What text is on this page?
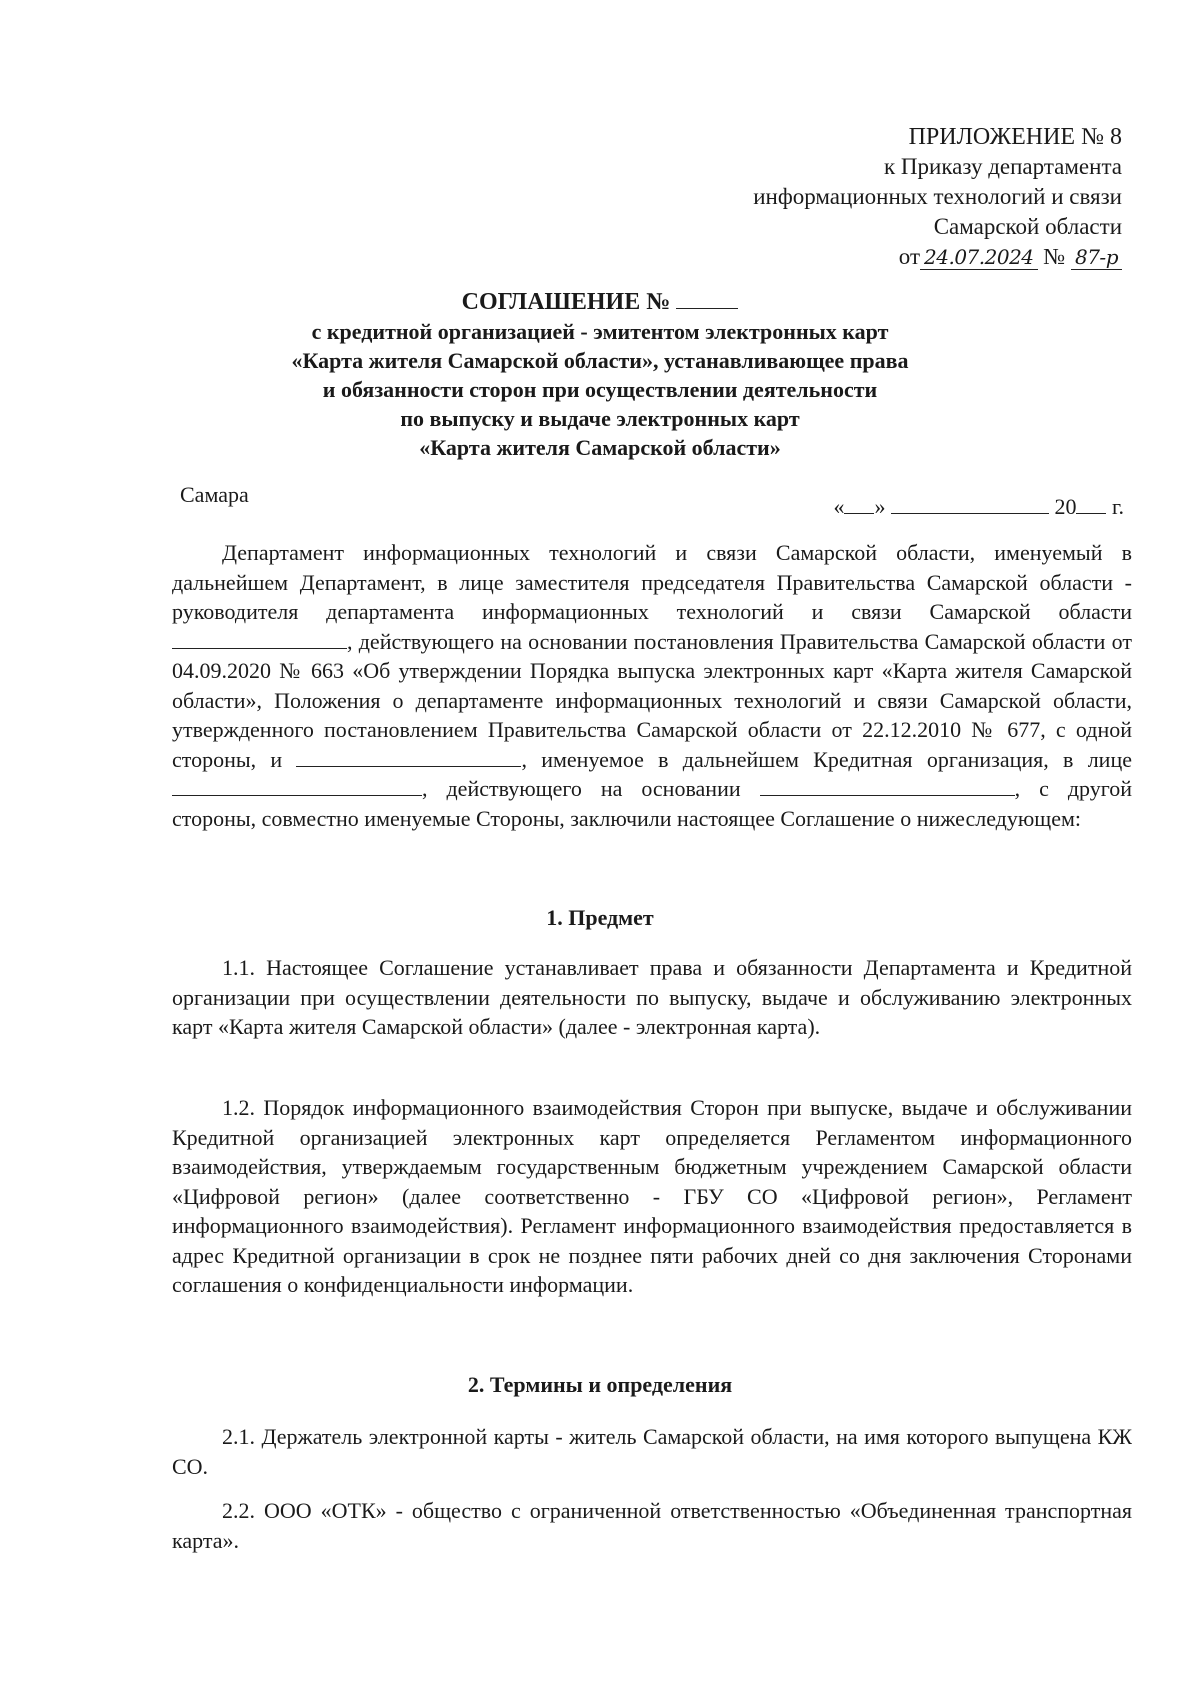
ПРИЛОЖЕНИЕ № 8
к Приказу департамента
информационных технологий и связи
Самарской области
от 24.07.2024 № 87-р
СОГЛАШЕНИЕ №
с кредитной организацией - эмитентом электронных карт
«Карта жителя Самарской области», устанавливающее права
и обязанности сторон при осуществлении деятельности
по выпуску и выдаче электронных карт
«Карта жителя Самарской области»
Самара	« »	20 г.

Департамент информационных технологий и связи Самарской области, именуемый в дальнейшем Департамент, в лице заместителя председателя Правительства Самарской области - руководителя департамента информационных технологий и связи Самарской области , действующего на основании постановления Правительства Самарской области от 04.09.2020 № 663 «Об утверждении Порядка выпуска электронных карт «Карта жителя Самарской области», Положения о департаменте информационных технологий и связи Самарской области, утвержденного постановлением Правительства Самарской области от 22.12.2010 № 677, с одной стороны, и	, именуемое в дальнейшем Кредитная организация, в лице , действующего на основании	, с другой стороны, совместно именуемые Стороны, заключили настоящее Соглашение о нижеследующем:

1. Предмет

1.1. Настоящее Соглашение устанавливает права и обязанности Департамента и Кредитной организации при осуществлении деятельности по выпуску, выдаче и обслуживанию электронных карт «Карта жителя Самарской области» (далее - электронная карта).

1.2. Порядок информационного взаимодействия Сторон при выпуске, выдаче и обслуживании Кредитной организацией электронных карт определяется Регламентом информационного взаимодействия, утверждаемым государственным бюджетным учреждением Самарской области «Цифровой регион» (далее соответственно - ГБУ СО «Цифровой регион», Регламент информационного взаимодействия). Регламент информационного взаимодействия предоставляется в адрес Кредитной организации в срок не позднее пяти рабочих дней со дня заключения Сторонами соглашения о конфиденциальности информации.

2. Термины и определения

2.1. Держатель электронной карты - житель Самарской области, на имя которого выпущена КЖ СО.

2.2. ООО «ОТК» - общество с ограниченной ответственностью «Объединенная транспортная карта».
